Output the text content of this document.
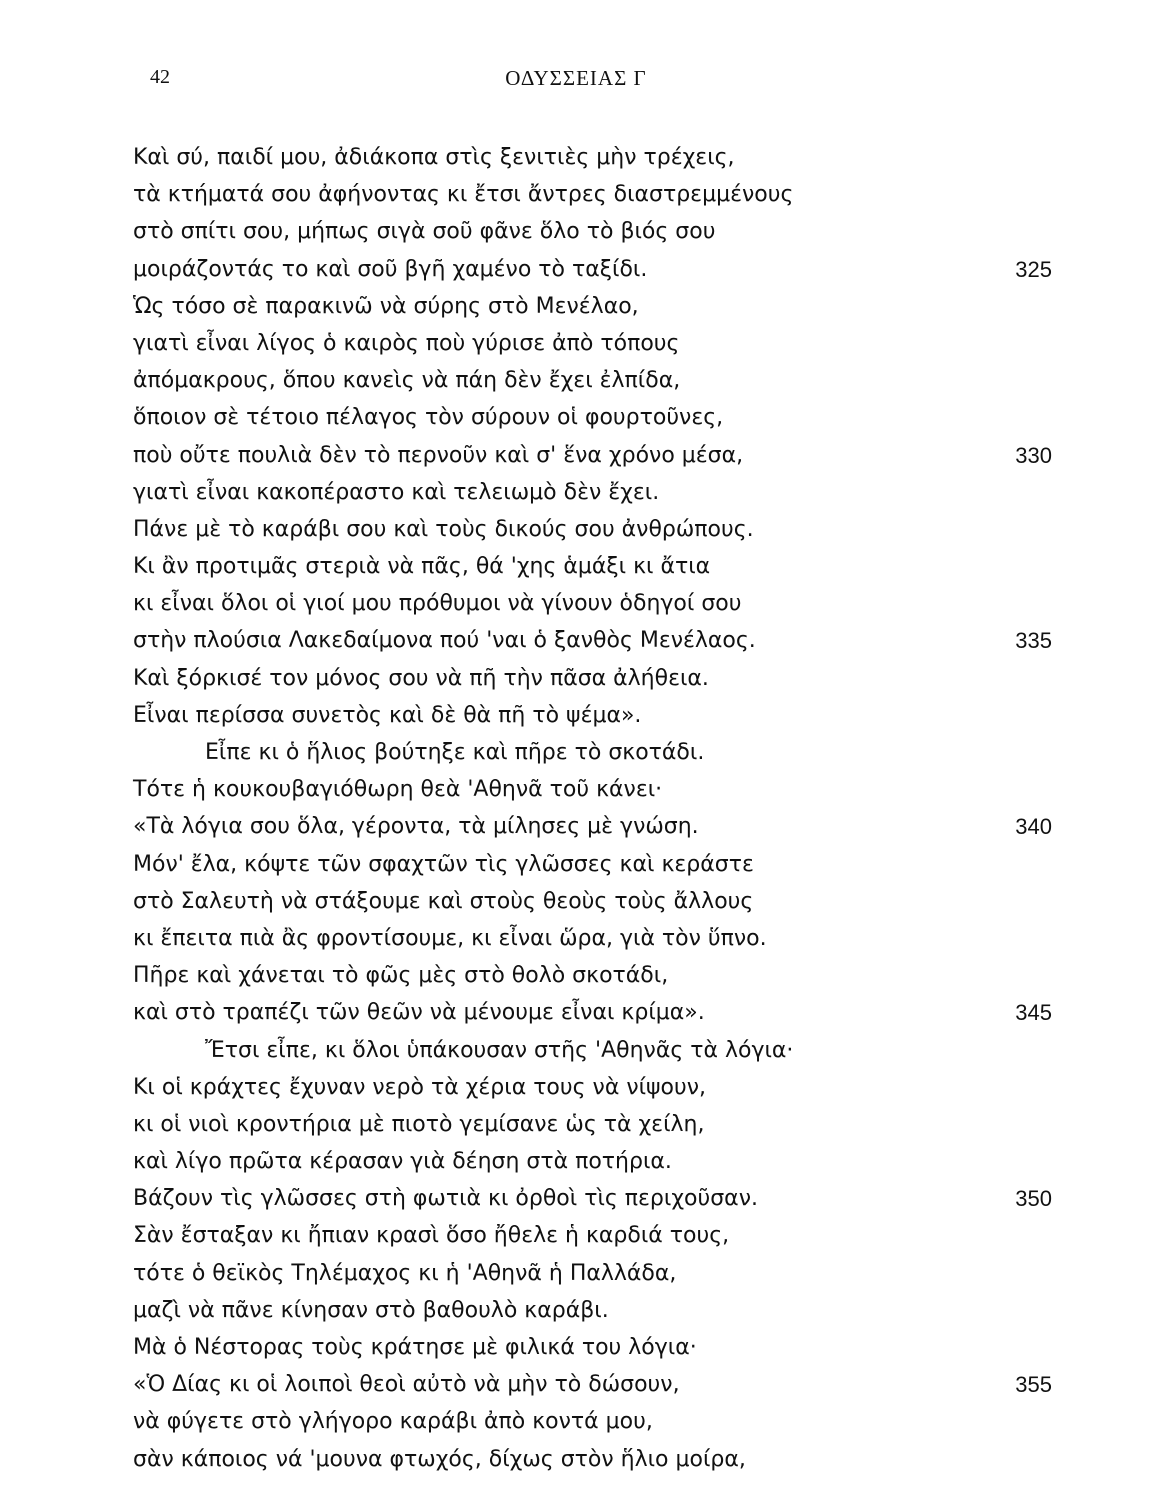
42	ΟΔΥΣΣΕΙΑΣ Γ
Καὶ σύ, παιδί μου, ἀδιάκοπα στὶς ξενιτιὲς μὴν τρέχεις,
τὰ κτήματά σου ἀφήνοντας κι ἔτσι ἄντρες διαστρεμμένους
στὸ σπίτι σου, μήπως σιγὰ σοῦ φᾶνε ὅλο τὸ βιός σου
μοιράζοντάς το καὶ σοῦ βγῆ χαμένο τὸ ταξίδι.	325
Ὡς τόσο σὲ παρακινῶ νὰ σύρης στὸ Μενέλαο,
γιατὶ εἶναι λίγος ὁ καιρὸς ποὺ γύρισε ἀπὸ τόπους
ἀπόμακρους, ὅπου κανεὶς νὰ πάη δὲν ἔχει ἐλπίδα,
ὅποιον σὲ τέτοιο πέλαγος τὸν σύρουν οἱ φουρτοῦνες,
ποὺ οὔτε πουλιὰ δὲν τὸ περνοῦν καὶ σ' ἕνα χρόνο μέσα,	330
γιατὶ εἶναι κακοπέραστο καὶ τελειωμὸ δὲν ἔχει.
Πάνε μὲ τὸ καράβι σου καὶ τοὺς δικούς σου ἀνθρώπους.
Κι ἂν προτιμᾶς στεριὰ νὰ πᾶς, θά 'χης ἁμάξι κι ἄτια
κι εἶναι ὅλοι οἱ γιοί μου πρόθυμοι νὰ γίνουν ὁδηγοί σου
στὴν πλούσια Λακεδαίμονα πού 'ναι ὁ ξανθὸς Μενέλαος.	335
Καὶ ξόρκισέ τον μόνος σου νὰ πῆ τὴν πᾶσα ἀλήθεια.
Εἶναι περίσσα συνετὸς καὶ δὲ θὰ πῆ τὸ ψέμα».
Εἶπε κι ὁ ἥλιος βούτηξε καὶ πῆρε τὸ σκοτάδι.
Τότε ἡ κουκουβαγιόθωρη θεὰ 'Αθηνᾶ τοῦ κάνει·
«Τὰ λόγια σου ὅλα, γέροντα, τὰ μίλησες μὲ γνώση.	340
Μόν' ἔλα, κόψτε τῶν σφαχτῶν τὶς γλῶσσες καὶ κεράστε
στὸ Σαλευτὴ νὰ στάξουμε καὶ στοὺς θεοὺς τοὺς ἄλλους
κι ἔπειτα πιὰ ἂς φροντίσουμε, κι εἶναι ὥρα, γιὰ τὸν ὕπνο.
Πῆρε καὶ χάνεται τὸ φῶς μὲς στὸ θολὸ σκοτάδι,
καὶ στὸ τραπέζι τῶν θεῶν νὰ μένουμε εἶναι κρίμα».	345
Ἔτσι εἶπε, κι ὅλοι ὑπάκουσαν στῆς 'Αθηνᾶς τὰ λόγια·
Κι οἱ κράχτες ἔχυναν νερὸ τὰ χέρια τους νὰ νίψουν,
κι οἱ νιοὶ κροντήρια μὲ πιοτὸ γεμίσανε ὡς τὰ χείλη,
καὶ λίγο πρῶτα κέρασαν γιὰ δέηση στὰ ποτήρια.
Βάζουν τὶς γλῶσσες στὴ φωτιὰ κι ὀρθοὶ τὶς περιχοῦσαν.	350
Σὰν ἔσταξαν κι ἤπιαν κρασὶ ὅσο ἤθελε ἡ καρδιά τους,
τότε ὁ θεϊκὸς Τηλέμαχος κι ἡ 'Αθηνᾶ ἡ Παλλάδα,
μαζὶ νὰ πᾶνε κίνησαν στὸ βαθουλὸ καράβι.
Μὰ ὁ Νέστορας τοὺς κράτησε μὲ φιλικά του λόγια·
«Ὁ Δίας κι οἱ λοιποὶ θεοὶ αὐτὸ νὰ μὴν τὸ δώσουν,	355
νὰ φύγετε στὸ γλήγορο καράβι ἀπὸ κοντά μου,
σὰν κάποιος νά 'μουνα φτωχός, δίχως στὸν ἥλιο μοίρα,
